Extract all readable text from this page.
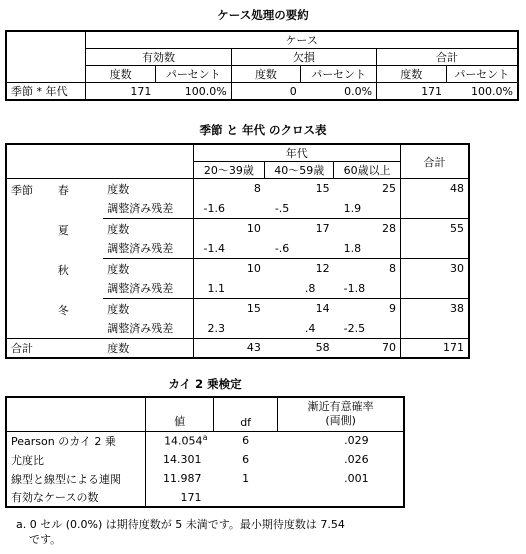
ケース処理の要約
	ケース					
	有効数		欠損		合計	
	度数	パーセント	度数	パーセント	度数	パーセント
季節 * 年代	171	100.0%	0	0.0%	171	100.0%
季節 と 年代 のクロス表
			年代			合計
			20～39歳	40～59歳	60歳以上	
季節	春	度数	8	15	25	48
		調整済み残差	-1.6	-.5	1.9	
	夏	度数	10	17	28	55
		調整済み残差	-1.4	-.6	1.8	
	秋	度数	10	12	8	30
		調整済み残差	1.1	.8	-1.8	
	冬	度数	15	14	9	38
		調整済み残差	2.3	.4	-2.5	
合計		度数	43	58	70	171
カイ 2 乗検定
	値	df	漸近有意確率
(両側)

Pearson のカイ 2 乗	14.054$^a$	6	.029
尤度比	14.301	6	.026
線型と線型による連関	11.987	1	.001
有効なケースの数	171		
a. 0 セル (0.0%) は期待度数が 5 未満です。最小期待度数は 7.54
です。
